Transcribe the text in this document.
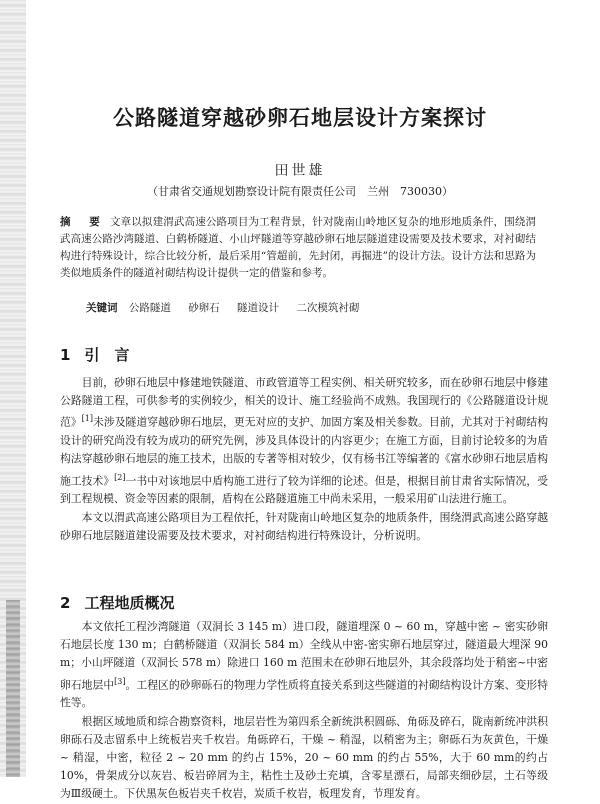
公路隧道穿越砂卵石地层设计方案探讨
田世雄
（甘肃省交通规划勘察设计院有限责任公司　兰州　730030）
摘　要 文章以拟建渭武高速公路项目为工程背景，针对陇南山岭地区复杂的地形地质条件，围绕渭武高速公路沙湾隧道、白鹤桥隧道、小山坪隧道等穿越砂卵石地层隧道建设需要及技术要求，对衬砌结构进行特殊设计，综合比较分析，最后采用“管超前，先封闭，再掘进”的设计方法。设计方法和思路为类似地质条件的隧道衬砌结构设计提供一定的借鉴和参考。
关键词 公路隧道 砂卵石 隧道设计 二次模筑衬砌
1 引　言

目前，砂卵石地层中修建地铁隧道、市政管道等工程实例、相关研究较多，而在砂卵石地层中修建公路隧道工程，可供参考的实例较少，相关的设计、施工经验尚不成熟。我国现行的《公路隧道设计规范》[1]未涉及隧道穿越砂卵石地层，更无对应的支护、加固方案及相关参数。目前，尤其对于衬砌结构设计的研究尚没有较为成功的研究先例，涉及具体设计的内容更少；在施工方面，目前讨论较多的为盾构法穿越砂卵石地层的施工技术，出版的专著等相对较少，仅有杨书江等编著的《富水砂卵石地层盾构施工技术》[2]一书中对该地层中盾构施工进行了较为详细的论述。但是，根据目前甘肃省实际情况，受到工程规模、资金等因素的限制，盾构在公路隧道施工中尚未采用，一般采用矿山法进行施工。

本文以渭武高速公路项目为工程依托，针对陇南山岭地区复杂的地质条件，围绕渭武高速公路穿越砂卵石地层隧道建设需要及技术要求，对衬砌结构进行特殊设计，分析说明。

2 工程地质概况

本文依托工程沙湾隧道（双洞长 3 145 m）进口段，隧道埋深 0 ~ 60 m，穿越中密 ~ 密实砂卵石地层长度 130 m；白鹤桥隧道（双洞长 584 m）全线从中密-密实卵石地层穿过，隧道最大埋深 90 m；小山坪隧道（双洞长 578 m）除进口 160 m 范围未在砂卵石地层外，其余段落均处于稍密~中密卵石地层中[3]。工程区的砂卵砾石的物理力学性质将直接关系到这些隧道的衬砌结构设计方案、变形特性等。

根据区域地质和综合勘察资料，地层岩性为第四系全新统洪积圆砾、角砾及碎石，陇南新统冲洪积卵砾石及志留系中上统板岩夹千枚岩。角砾碎石，干燥 ~ 稍湿，以稍密为主；卵砾石为灰黄色，干燥 ~ 稍湿，中密，粒径 2 ~ 20 mm 的约占 15%，20 ~ 60 mm 的约占 55%，大于 60 mm的约占 10%，骨架成分以灰岩、板岩碎屑为主，粘性土及砂土充填，含零星漂石，局部夹细砂层，土石等级为Ⅲ级硬土。下伏黑灰色板岩夹千枚岩，炭质千枚岩，板理发育，节理发育。
